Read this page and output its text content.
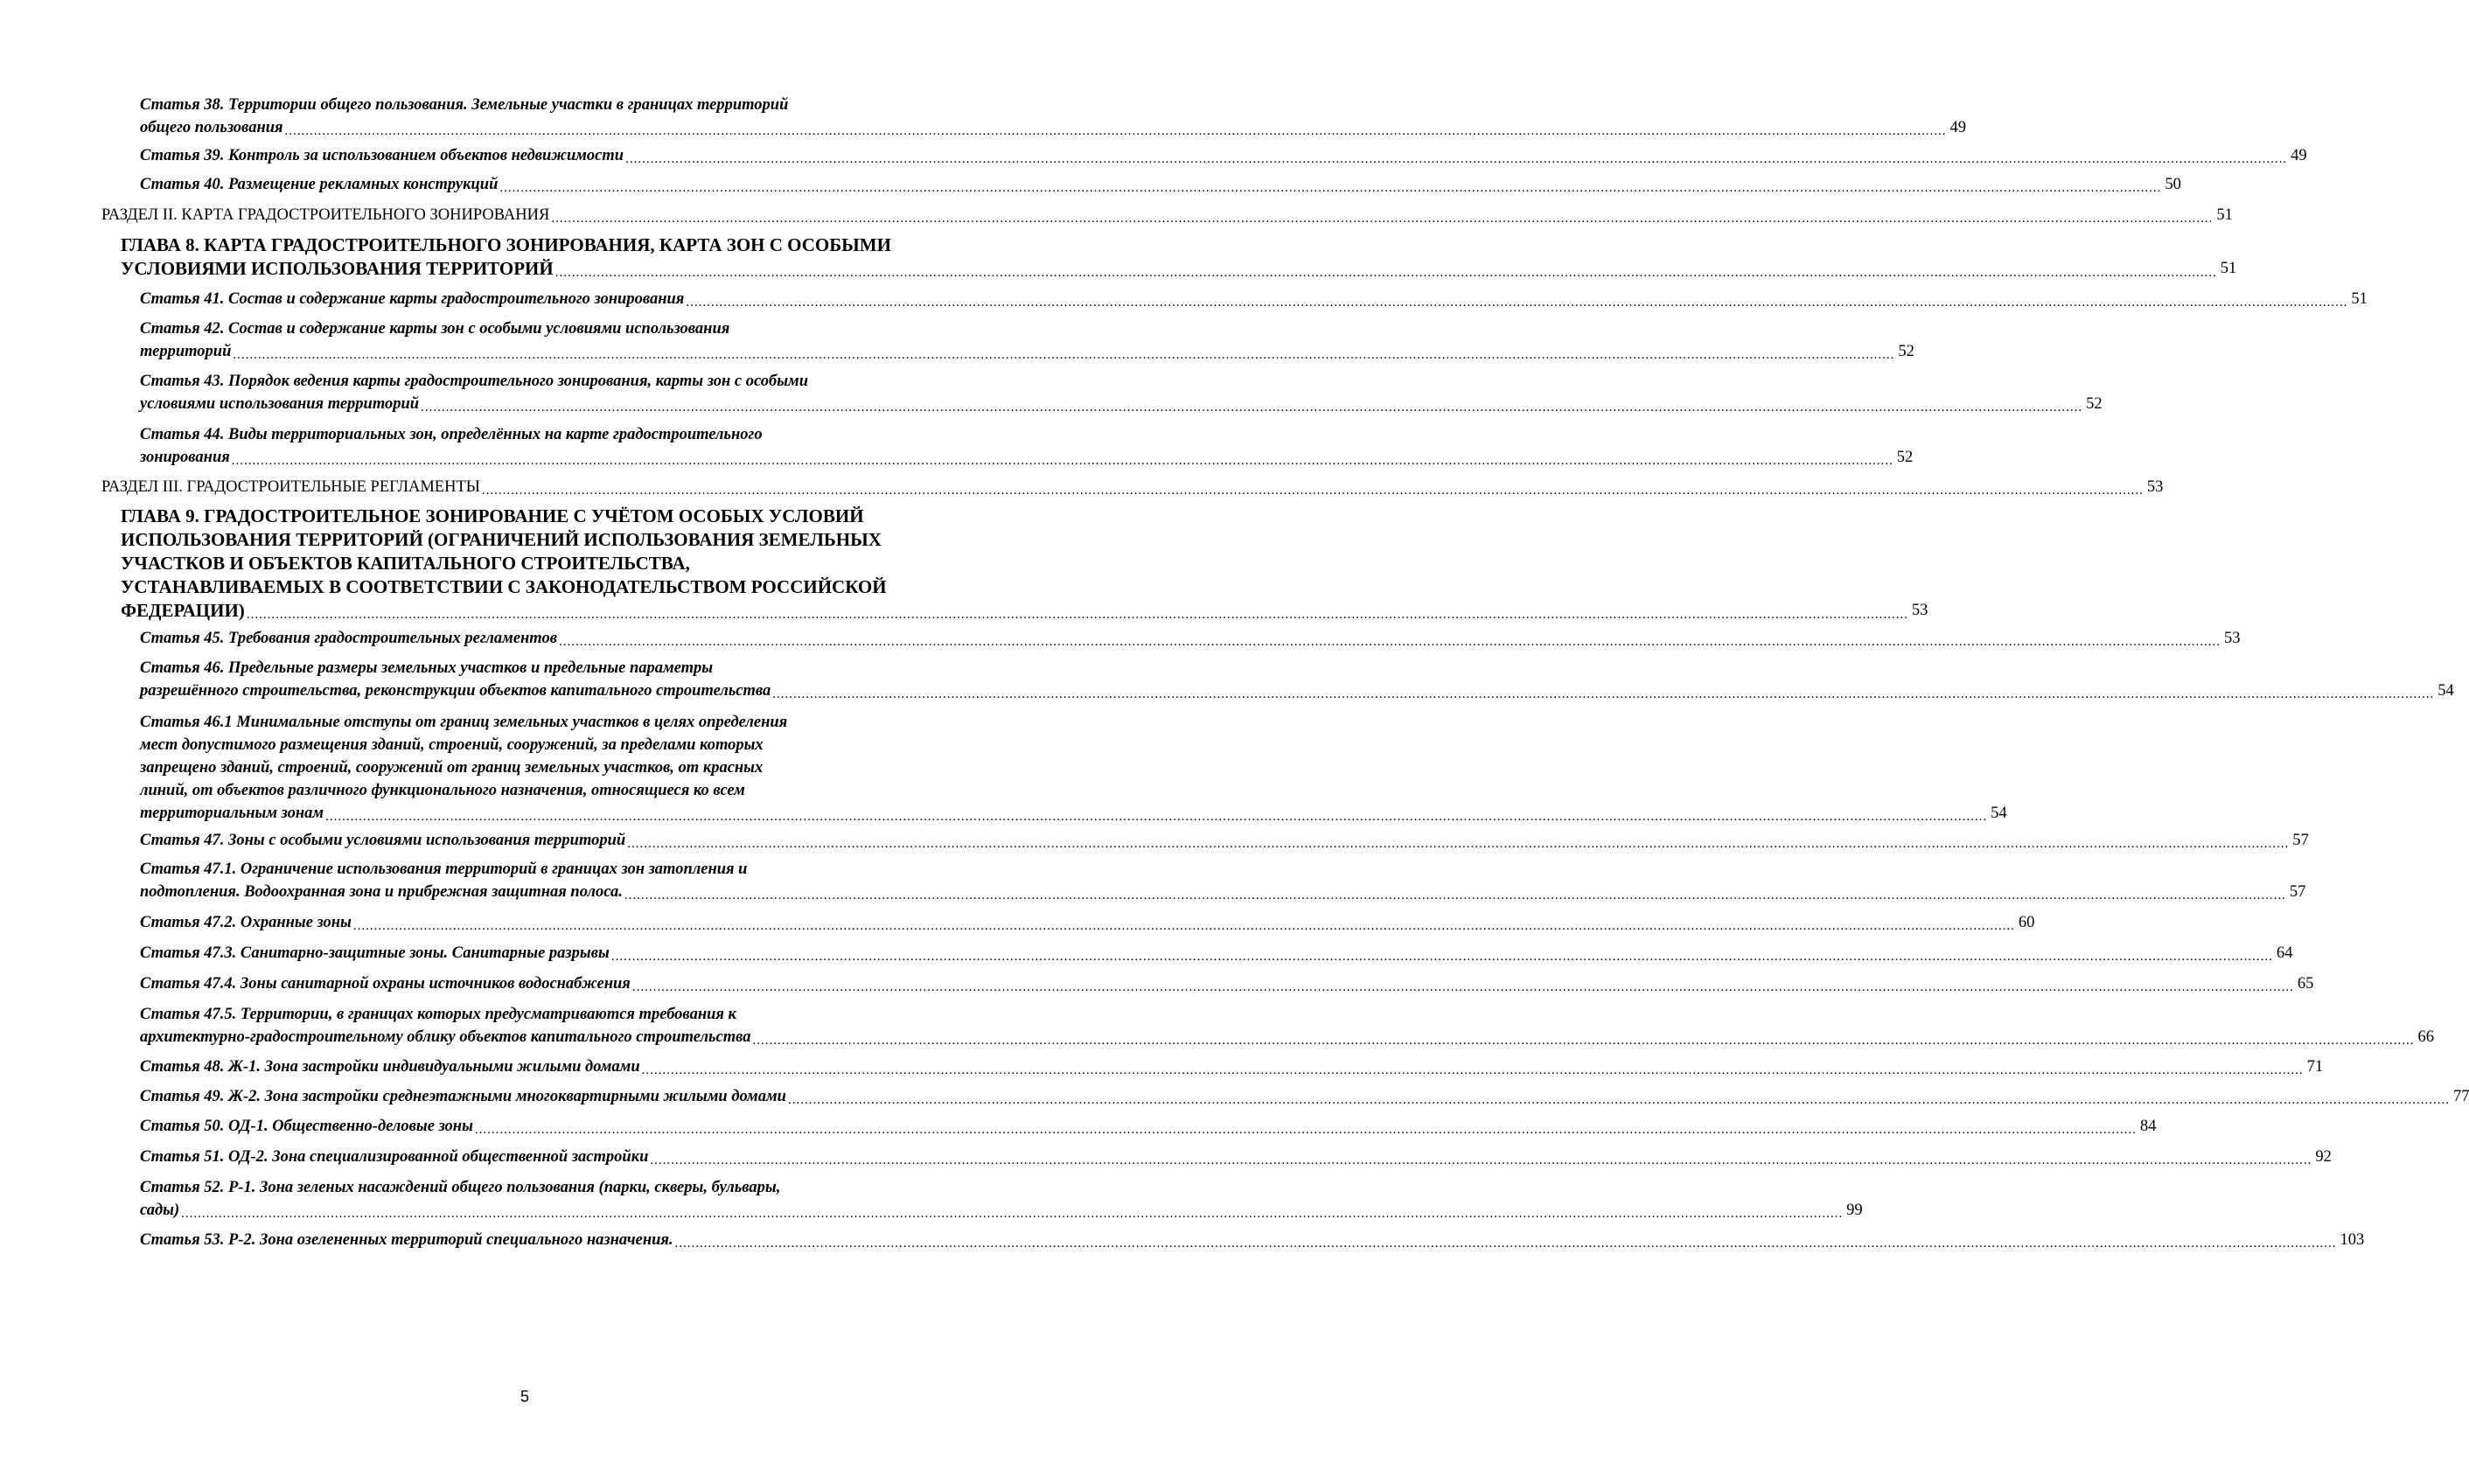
Статья 38. Территории общего пользования. Земельные участки в границах территорий
общего пользования ................................................................................................................................................................................................................................................................................................................................................................................................................ 49
Статья 39. Контроль за использованием объектов недвижимости ................................................................................................................................................................................................................................................................................................................................................................................................................ 49
Статья 40. Размещение рекламных конструкций ................................................................................................................................................................................................................................................................................................................................................................................................................ 50
РАЗДЕЛ II. КАРТА ГРАДОСТРОИТЕЛЬНОГО ЗОНИРОВАНИЯ ................................................................................................................................................................................................................................................................................................................................................................................................................ 51
ГЛАВА 8. КАРТА ГРАДОСТРОИТЕЛЬНОГО ЗОНИРОВАНИЯ, КАРТА ЗОН С ОСОБЫМИ
УСЛОВИЯМИ ИСПОЛЬЗОВАНИЯ ТЕРРИТОРИЙ ................................................................................................................................................................................................................................................................................................................................................................................................................ 51
Статья 41. Состав и содержание карты градостроительного зонирования ................................................................................................................................................................................................................................................................................................................................................................................................................ 51
Статья 42. Состав и содержание карты зон с особыми условиями использования
территорий ................................................................................................................................................................................................................................................................................................................................................................................................................ 52
Статья 43. Порядок ведения карты градостроительного зонирования, карты зон с особыми
условиями использования территорий ................................................................................................................................................................................................................................................................................................................................................................................................................ 52
Статья 44. Виды территориальных зон, определённых на карте градостроительного
зонирования ................................................................................................................................................................................................................................................................................................................................................................................................................ 52
РАЗДЕЛ III. ГРАДОСТРОИТЕЛЬНЫЕ РЕГЛАМЕНТЫ ................................................................................................................................................................................................................................................................................................................................................................................................................ 53
ГЛАВА 9. ГРАДОСТРОИТЕЛЬНОЕ ЗОНИРОВАНИЕ С УЧЁТОМ ОСОБЫХ УСЛОВИЙ
ИСПОЛЬЗОВАНИЯ ТЕРРИТОРИЙ (ОГРАНИЧЕНИЙ ИСПОЛЬЗОВАНИЯ ЗЕМЕЛЬНЫХ
УЧАСТКОВ И ОБЪЕКТОВ КАПИТАЛЬНОГО СТРОИТЕЛЬСТВА,
УСТАНАВЛИВАЕМЫХ В СООТВЕТСТВИИ С ЗАКОНОДАТЕЛЬСТВОМ РОССИЙСКОЙ
ФЕДЕРАЦИИ) ................................................................................................................................................................................................................................................................................................................................................................................................................ 53
Статья 45. Требования градостроительных регламентов ................................................................................................................................................................................................................................................................................................................................................................................................................ 53
Статья 46. Предельные размеры земельных участков и предельные параметры
разрешённого строительства, реконструкции объектов капитального строительства ................................................................................................................................................................................................................................................................................................................................................................................................................ 54
Статья 46.1 Минимальные отступы от границ земельных участков в целях определения
мест допустимого размещения зданий, строений, сооружений, за пределами которых
запрещено зданий, строений, сооружений от границ земельных участков, от красных
линий, от объектов различного функционального назначения, относящиеся ко всем
территориальным зонам ................................................................................................................................................................................................................................................................................................................................................................................................................ 54
Статья 47. Зоны с особыми условиями использования территорий ................................................................................................................................................................................................................................................................................................................................................................................................................ 57
Статья 47.1. Ограничение использования территорий в границах зон затопления и
подтопления. Водоохранная зона и прибрежная защитная полоса. ................................................................................................................................................................................................................................................................................................................................................................................................................ 57
Статья 47.2. Охранные зоны ................................................................................................................................................................................................................................................................................................................................................................................................................ 60
Статья 47.3. Санитарно-защитные зоны. Санитарные разрывы ................................................................................................................................................................................................................................................................................................................................................................................................................ 64
Статья 47.4. Зоны санитарной охраны источников водоснабжения ................................................................................................................................................................................................................................................................................................................................................................................................................ 65
Статья 47.5. Территории, в границах которых предусматриваются требования к
архитектурно-градостроительному облику объектов капитального строительства ................................................................................................................................................................................................................................................................................................................................................................................................................ 66
Статья 48. Ж-1. Зона застройки индивидуальными жилыми домами ................................................................................................................................................................................................................................................................................................................................................................................................................ 71
Статья 49. Ж-2. Зона застройки среднеэтажными многоквартирными жилыми домами ................................................................................................................................................................................................................................................................................................................................................................................................................ 77
Статья 50. ОД-1. Общественно-деловые зоны ................................................................................................................................................................................................................................................................................................................................................................................................................ 84
Статья 51. ОД-2. Зона специализированной общественной застройки ................................................................................................................................................................................................................................................................................................................................................................................................................ 92
Статья 52. Р-1. Зона зеленых насаждений общего пользования (парки, скверы, бульвары,
сады) ................................................................................................................................................................................................................................................................................................................................................................................................................ 99
Статья 53. Р-2. Зона озелененных территорий специального назначения. ................................................................................................................................................................................................................................................................................................................................................................................................................ 103
5
